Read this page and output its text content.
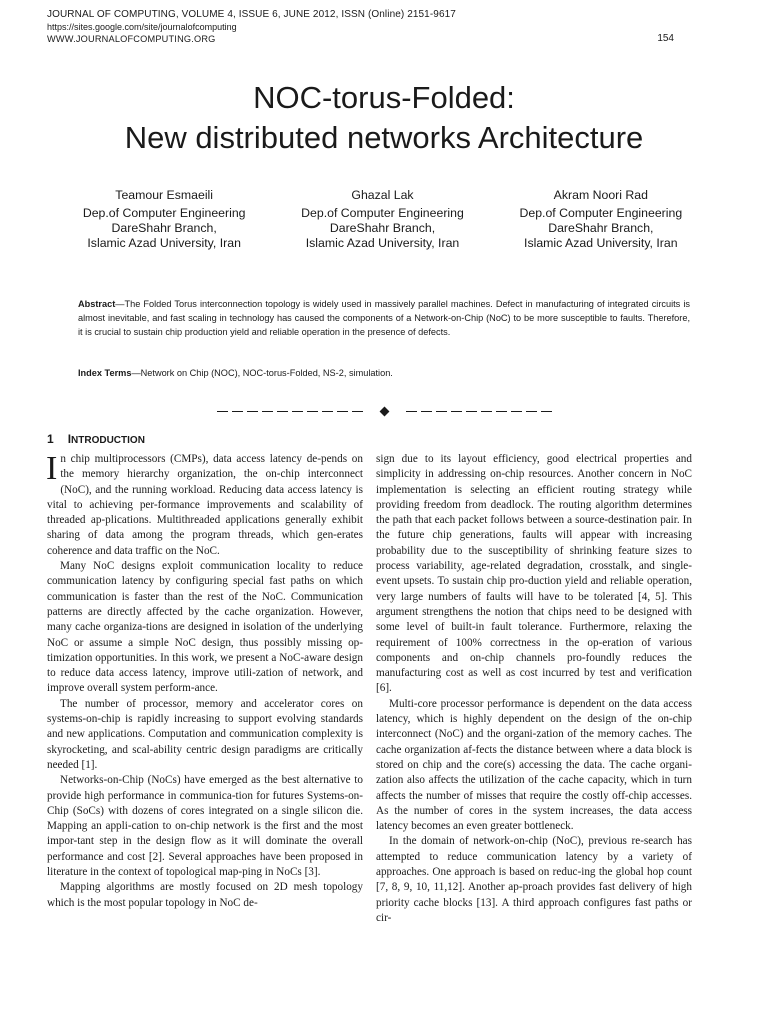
JOURNAL OF COMPUTING, VOLUME 4, ISSUE 6, JUNE 2012, ISSN (Online) 2151-9617
https://sites.google.com/site/journalofcomputing
WWW.JOURNALOFCOMPUTING.ORG	154
NOC-torus-Folded:
New distributed networks Architecture
Teamour Esmaeili
Dep.of Computer Engineering
DareShahr Branch,
Islamic Azad University, Iran
Ghazal Lak
Dep.of Computer Engineering
DareShahr Branch,
Islamic Azad University, Iran
Akram Noori Rad
Dep.of Computer Engineering
DareShahr Branch,
Islamic Azad University, Iran
Abstract—The Folded Torus interconnection topology is widely used in massively parallel machines. Defect in manufacturing of integrated circuits is almost inevitable, and fast scaling in technology has caused the components of a Network-on-Chip (NoC) to be more susceptible to faults. Therefore, it is crucial to sustain chip production yield and reliable operation in the presence of defects.
Index Terms—Network on Chip (NOC), NOC-torus-Folded, NS-2, simulation.
1 INTRODUCTION

In chip multiprocessors (CMPs), data access latency de-pends on the memory hierarchy organization, the on-chip interconnect (NoC), and the running workload. Reducing data access latency is vital to achieving per-formance improvements and scalability of threaded ap-plications. Multithreaded applications generally exhibit sharing of data among the program threads, which gen-erates coherence and data traffic on the NoC.

Many NoC designs exploit communication locality to reduce communication latency by configuring special fast paths on which communication is faster than the rest of the NoC. Communication patterns are directly affected by the cache organization. However, many cache organiza-tions are designed in isolation of the underlying NoC or assume a simple NoC design, thus possibly missing op-timization opportunities. In this work, we present a NoC-aware design to reduce data access latency, improve utili-zation of network, and improve overall system perform-ance.

The number of processor, memory and accelerator cores on systems-on-chip is rapidly increasing to support evolving standards and new applications. Computation and communication complexity is skyrocketing, and scal-ability centric design paradigms are critically needed [1].

Networks-on-Chip (NoCs) have emerged as the best alternative to provide high performance in communica-tion for futures Systems-on-Chip (SoCs) with dozens of cores integrated on a single silicon die. Mapping an appli-cation to on-chip network is the first and the most impor-tant step in the design flow as it will dominate the overall performance and cost [2]. Several approaches have been proposed in literature in the context of topological map-ping in NoCs [3].

Mapping algorithms are mostly focused on 2D mesh topology which is the most popular topology in NoC de-

sign due to its layout efficiency, good electrical properties and simplicity in addressing on-chip resources. Another concern in NoC implementation is selecting an efficient routing strategy while providing freedom from deadlock. The routing algorithm determines the path that each packet follows between a source-destination pair. In the future chip generations, faults will appear with increasing probability due to the susceptibility of shrinking feature sizes to process variability, age-related degradation, crosstalk, and single-event upsets. To sustain chip pro-duction yield and reliable operation, very large numbers of faults will have to be tolerated [4, 5]. This argument strengthens the notion that chips need to be designed with some level of built-in fault tolerance. Furthermore, relaxing the requirement of 100% correctness in the op-eration of various components and on-chip channels pro-foundly reduces the manufacturing cost as well as cost incurred by test and verification [6].

Multi-core processor performance is dependent on the data access latency, which is highly dependent on the design of the on-chip interconnect (NoC) and the organi-zation of the memory caches. The cache organization af-fects the distance between where a data block is stored on chip and the core(s) accessing the data. The cache organi-zation also affects the utilization of the cache capacity, which in turn affects the number of misses that require the costly off-chip accesses. As the number of cores in the system increases, the data access latency becomes an even greater bottleneck.

In the domain of network-on-chip (NoC), previous re-search has attempted to reduce communication latency by a variety of approaches. One approach is based on reduc-ing the global hop count [7, 8, 9, 10, 11,12]. Another ap-proach provides fast delivery of high priority cache blocks [13]. A third approach configures fast paths or cir-
